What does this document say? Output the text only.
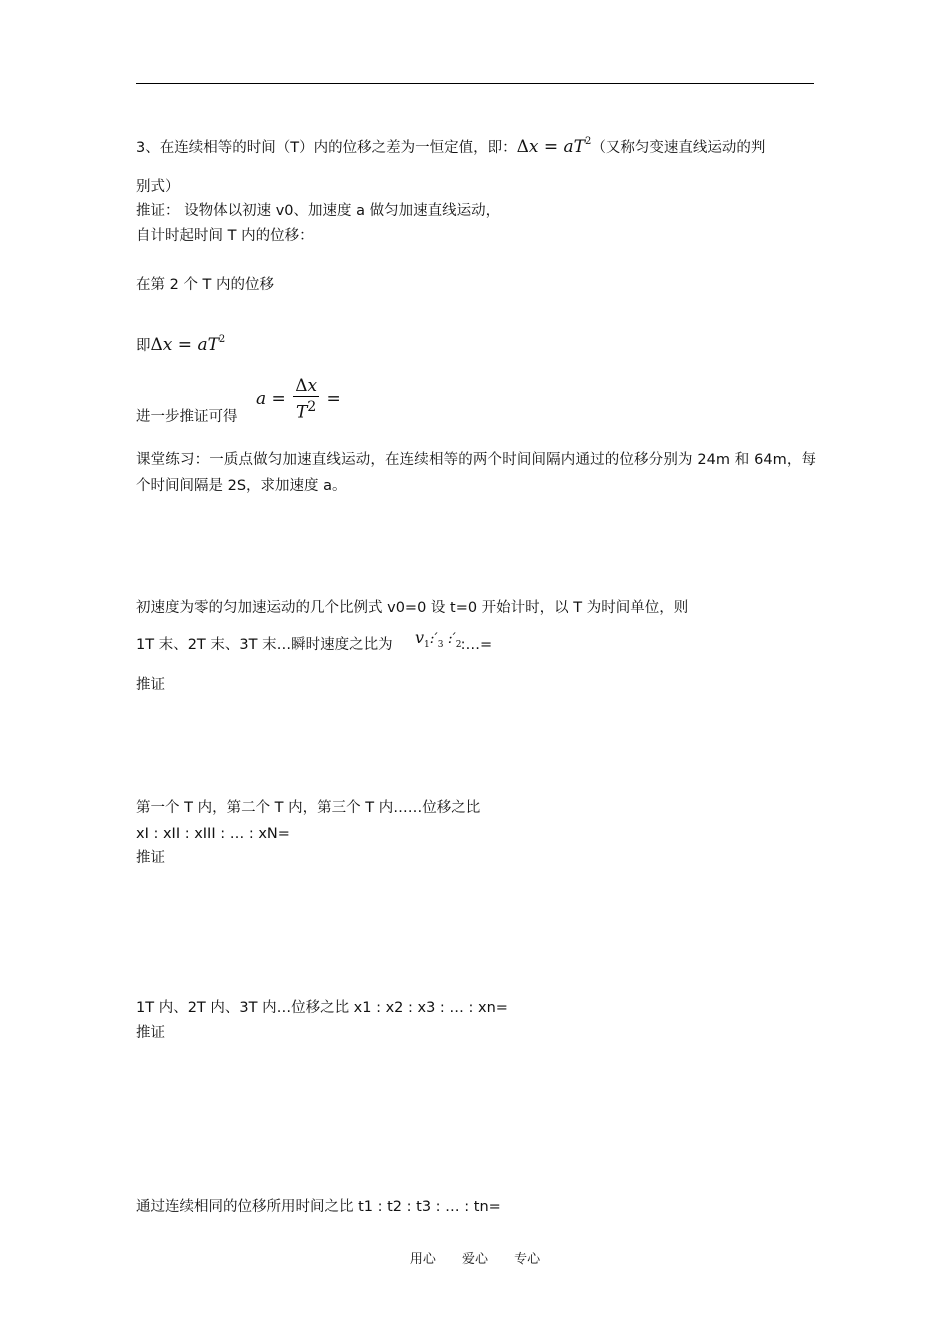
3、在连续相等的时间（T）内的位移之差为一恒定值，即：$\Delta x = aT^2$（又称匀变速直线运动的判
别式）
推证： 设物体以初速 v0、加速度 a 做匀加速直线运动，
自计时起时间 T 内的位移：
在第 2 个 T 内的位移
即$\Delta x = aT^2$
进一步推证可得
$a = \frac{\Delta x}{T^2}$ =
课堂练习：一质点做匀加速直线运动，在连续相等的两个时间间隔内通过的位移分别为 24m 和 64m，每个时间间隔是 2S，求加速度 a。
初速度为零的匀加速运动的几个比例式 v0=0 设 t=0 开始计时，以 T 为时间单位，则
1T 末、2T 末、3T 末…瞬时速度之比为	:…=
$v_1:'_3$ $:'_2$
推证
第一个 T 内，第二个 T 内，第三个 T 内……位移之比
xI : xII : xIII : … : xN=
推证
1T 内、2T 内、3T 内…位移之比 x1 : x2 : x3 : … : xn=
推证
通过连续相同的位移所用时间之比 t1 : t2 : t3 : … : tn=
用心 爱心 专心
